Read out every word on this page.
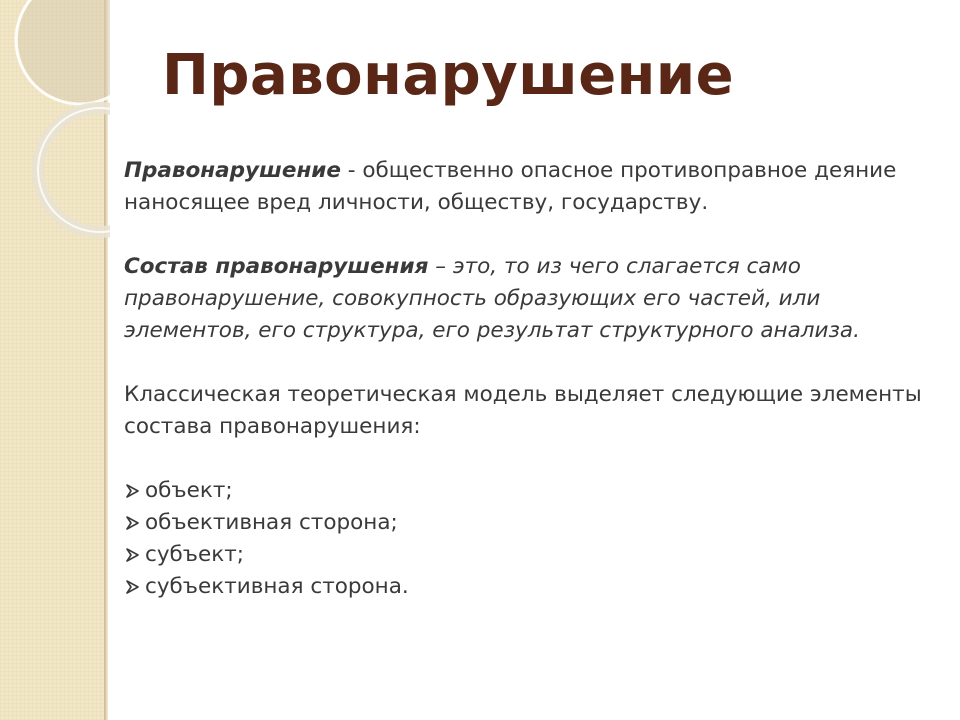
Правонарушение

Правонарушение - общественно опасное противоправное деяние наносящее вред личности, обществу, государству.

Состав правонарушения – это, то из чего слагается само правонарушение, совокупность образующих его частей, или элементов, его структура, его результат структурного анализа.

Классическая теоретическая модель выделяет следующие элементы состава правонарушения:

объект;
объективная сторона;
субъект;
субъективная сторона.
